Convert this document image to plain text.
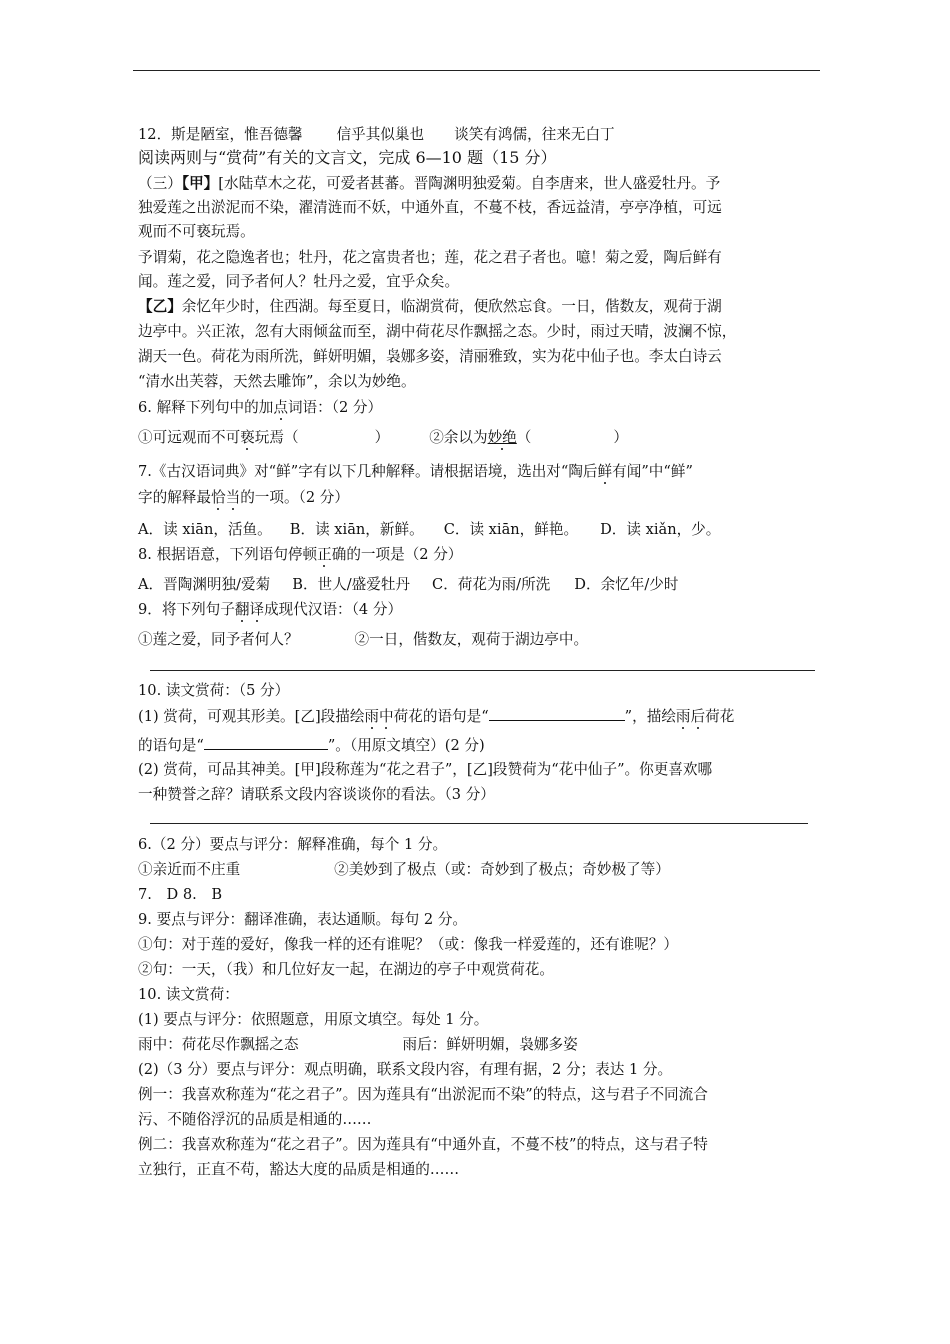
12．斯是陋室，惟吾德馨 信乎其似巢也 谈笑有鸿儒，往来无白丁
阅读两则与“赏荷”有关的文言文，完成 6—10 题（15 分）
（三）【甲】[水陆草木之花，可爱者甚蕃。晋陶渊明独爱菊。自李唐来，世人盛爱牡丹。予
独爱莲之出淤泥而不染，濯清涟而不妖，中通外直，不蔓不枝，香远益清，亭亭净植，可远
观而不可亵玩焉。
予谓菊，花之隐逸者也；牡丹，花之富贵者也；莲，花之君子者也。噫！菊之爱，陶后鲜有
闻。莲之爱，同予者何人？牡丹之爱，宜乎众矣。
【乙】余忆年少时，住西湖。每至夏日，临湖赏荷，便欣然忘食。一日，偕数友，观荷于湖
边亭中。兴正浓，忽有大雨倾盆而至，湖中荷花尽作飘摇之态。少时，雨过天晴，波澜不惊，
湖天一色。荷花为雨所洗，鲜妍明媚，袅娜多姿，清丽雅致，实为花中仙子也。李太白诗云
“清水出芙蓉，天然去雕饰”，余以为妙绝。
6. 解释下列句中的加点词语：（2 分）
①可远观而不可亵玩焉（	）	②余以为妙绝（	）
7.《古汉语词典》对“鲜”字有以下几种解释。请根据语境，选出对“陶后鲜有闻”中“鲜”
字的解释最恰当的一项。（2 分）
A．读 xiān，活鱼。 B．读 xiān，新鲜。 C．读 xiān，鲜艳。 D．读 xiǎn，少。
8. 根据语意，下列语句停顿正确的一项是（2 分）
A．晋陶渊明独/爱菊 B．世人/盛爱牡丹 C．荷花为雨/所洗 D．余忆年/少时
9．将下列句子翻译成现代汉语：（4 分）
①莲之爱，同予者何人？	②一日，偕数友，观荷于湖边亭中。
10. 读文赏荷：（5 分）
(1) 赏荷，可观其形美。[乙]段描绘雨中荷花的语句是“	”，描绘雨后荷花
的语句是“	”。（用原文填空）(2 分)
(2) 赏荷，可品其神美。[甲]段称莲为“花之君子”，[乙]段赞荷为“花中仙子”。你更喜欢哪
一种赞誉之辞？请联系文段内容谈谈你的看法。（3 分）
6.（2 分）要点与评分：解释准确，每个 1 分。
①亲近而不庄重	②美妙到了极点（或：奇妙到了极点；奇妙极了等）
7.　D 8.　B
9. 要点与评分：翻译准确，表达通顺。每句 2 分。
①句：对于莲的爱好，像我一样的还有谁呢？（或：像我一样爱莲的，还有谁呢？）
②句：一天，（我）和几位好友一起，在湖边的亭子中观赏荷花。
10. 读文赏荷：
(1) 要点与评分：依照题意，用原文填空。每处 1 分。
雨中：荷花尽作飘摇之态	雨后：鲜妍明媚，袅娜多姿
(2)（3 分）要点与评分：观点明确，联系文段内容，有理有据，2 分；表达 1 分。
例一：我喜欢称莲为“花之君子”。因为莲具有“出淤泥而不染”的特点，这与君子不同流合
污、不随俗浮沉的品质是相通的……
例二：我喜欢称莲为“花之君子”。因为莲具有“中通外直，不蔓不枝”的特点，这与君子特
立独行，正直不苟，豁达大度的品质是相通的……
